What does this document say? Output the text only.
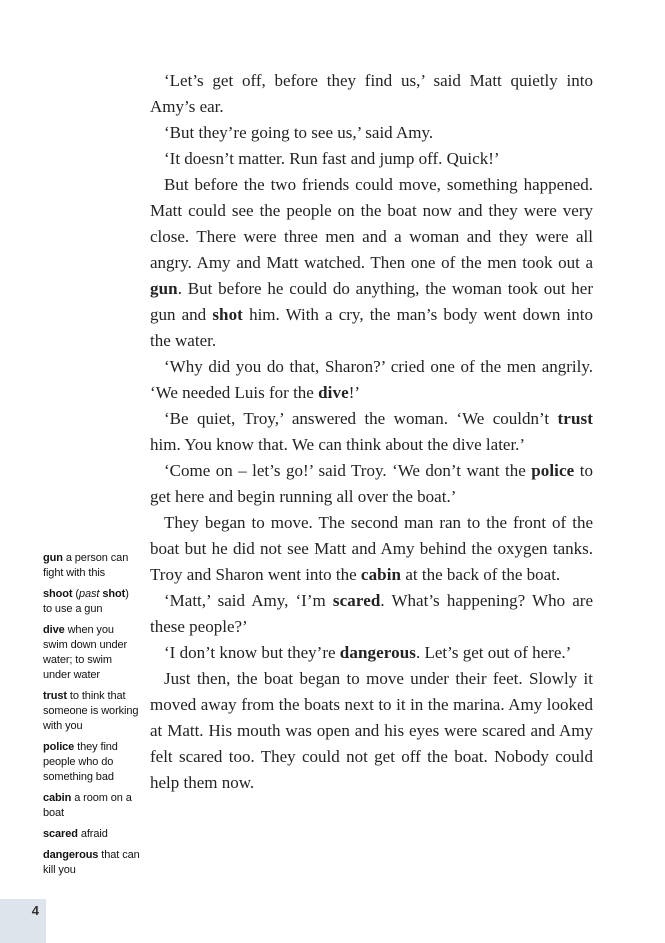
gun a person can fight with this
shoot (past shot) to use a gun
dive when you swim down under water; to swim under water
trust to think that someone is working with you
police they find people who do something bad
cabin a room on a boat
scared afraid
dangerous that can kill you

‘Let’s get off, before they find us,’ said Matt quietly into Amy’s ear.

‘But they’re going to see us,’ said Amy.

‘It doesn’t matter. Run fast and jump off. Quick!’

But before the two friends could move, something happened. Matt could see the people on the boat now and they were very close. There were three men and a woman and they were all angry. Amy and Matt watched. Then one of the men took out a gun. But before he could do anything, the woman took out her gun and shot him. With a cry, the man’s body went down into the water.

‘Why did you do that, Sharon?’ cried one of the men angrily. ‘We needed Luis for the dive!’

‘Be quiet, Troy,’ answered the woman. ‘We couldn’t trust him. You know that. We can think about the dive later.’

‘Come on – let’s go!’ said Troy. ‘We don’t want the police to get here and begin running all over the boat.’

They began to move. The second man ran to the front of the boat but he did not see Matt and Amy behind the oxygen tanks. Troy and Sharon went into the cabin at the back of the boat.

‘Matt,’ said Amy, ‘I’m scared. What’s happening? Who are these people?’

‘I don’t know but they’re dangerous. Let’s get out of here.’

Just then, the boat began to move under their feet. Slowly it moved away from the boats next to it in the marina. Amy looked at Matt. His mouth was open and his eyes were scared and Amy felt scared too. They could not get off the boat. Nobody could help them now.

4
